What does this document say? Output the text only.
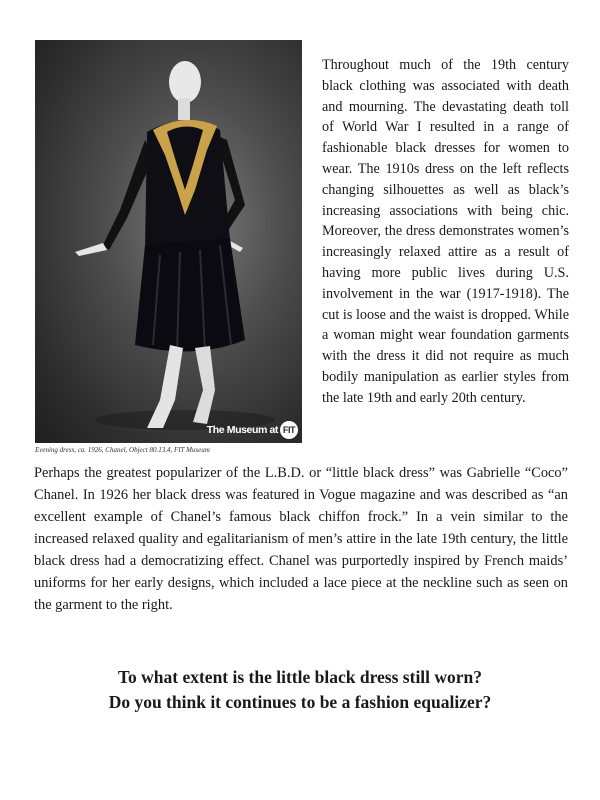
The Museum at FIT
Evening dress, ca. 1926, Chanel, Object 80.13.4, FIT Museum
Throughout much of the 19th century black clothing was associated with death and mourning. The devastating death toll of World War I resulted in a range of fashionable black dresses for women to wear. The 1910s dress on the left reflects changing silhouettes as well as black’s increasing associations with being chic. Moreover, the dress demonstrates women’s increasingly relaxed attire as a result of having more public lives during U.S. involvement in the war (1917-1918). The cut is loose and the waist is dropped. While a woman might wear foundation garments with the dress it did not require as much bodily manipulation as earlier styles from the late 19th and early 20th century.
Perhaps the greatest popularizer of the L.B.D. or “little black dress” was Gabrielle “Coco” Chanel. In 1926 her black dress was featured in Vogue magazine and was described as “an excellent example of Chanel’s famous black chiffon frock.” In a vein similar to the increased relaxed quality and egalitarianism of men’s attire in the late 19th century, the little black dress had a democratizing effect. Chanel was purportedly inspired by French maids’ uniforms for her early designs, which included a lace piece at the neckline such as seen on the garment to the right.

To what extent is the little black dress still worn?

Do you think it continues to be a fashion equalizer?
